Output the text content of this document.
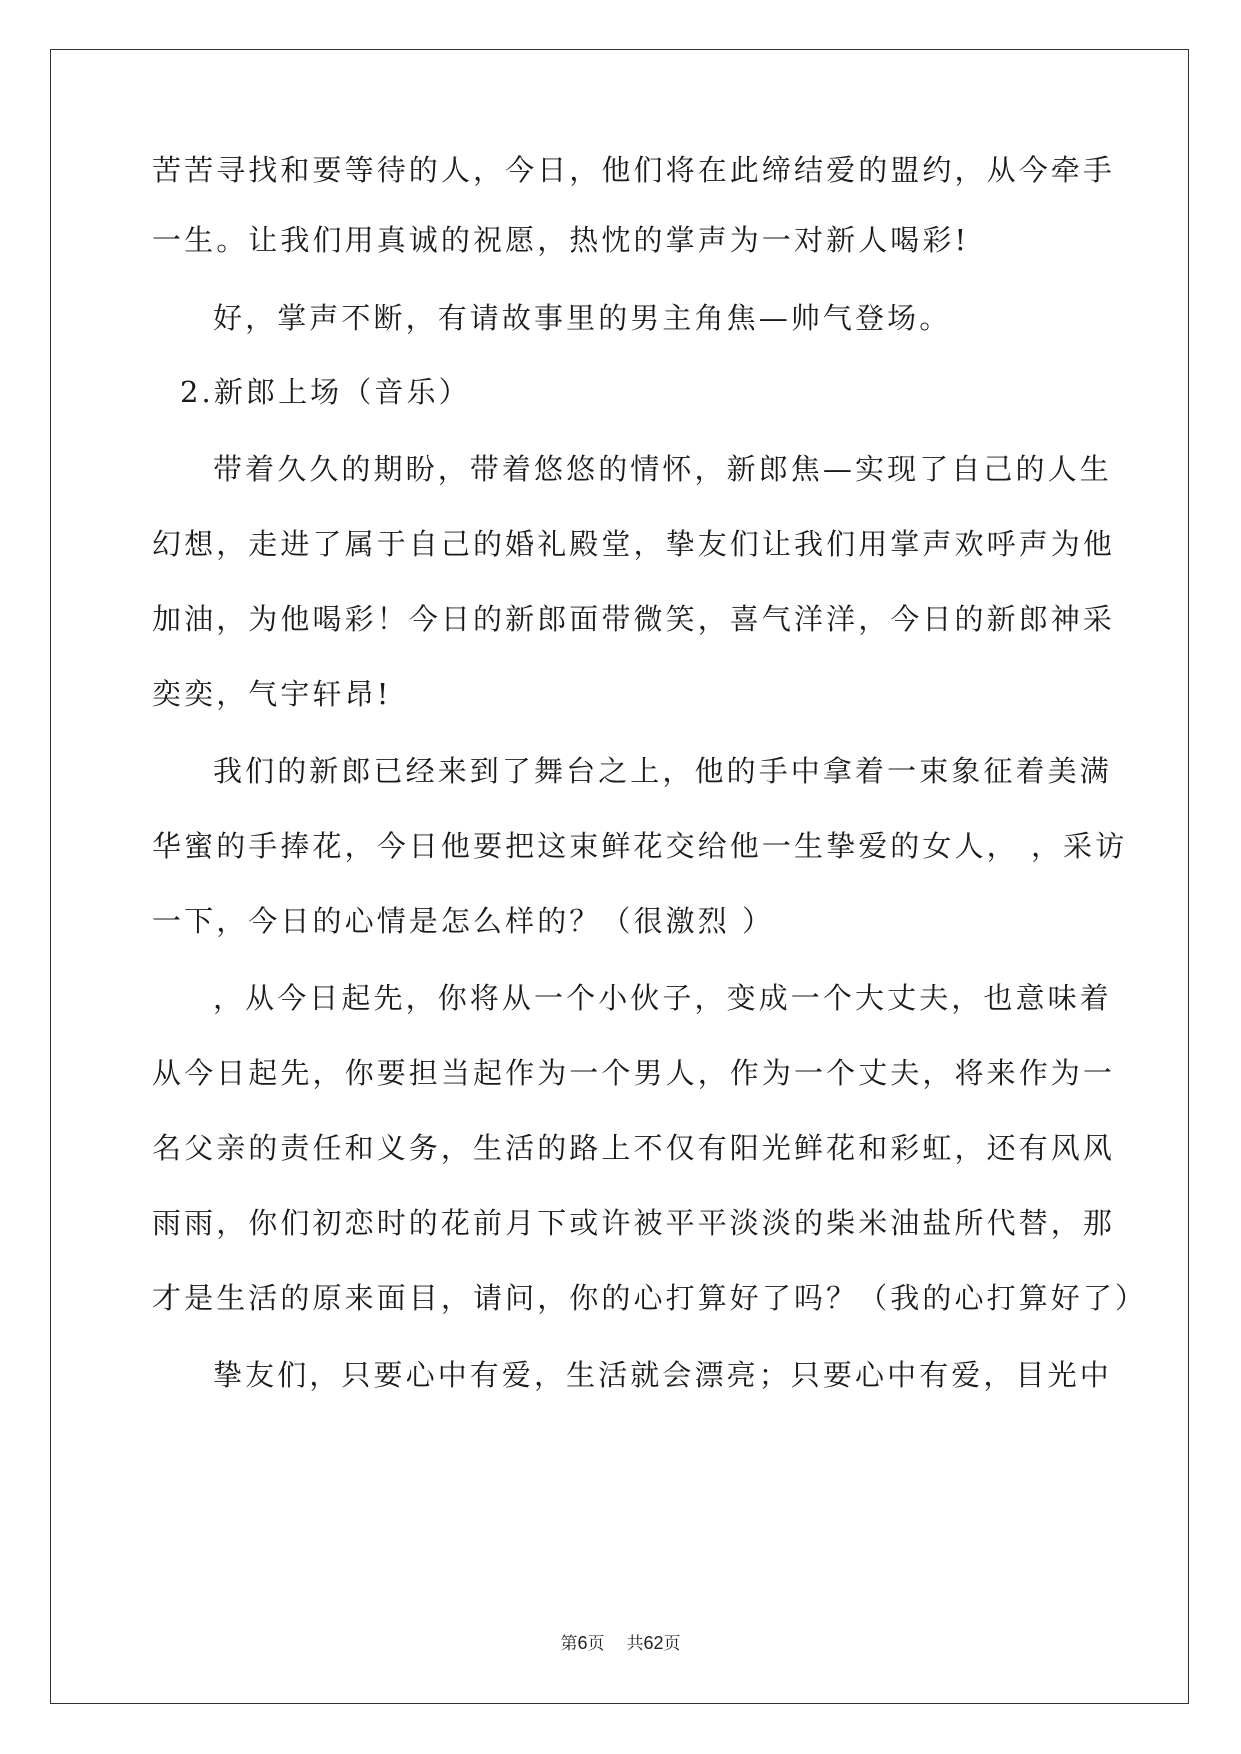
苦苦寻找和要等待的人，今日，他们将在此缔结爱的盟约，从今牵手
一生。让我们用真诚的祝愿，热忱的掌声为一对新人喝彩!
好，掌声不断，有请故事里的男主角焦—帅气登场。
2.新郎上场（音乐）
带着久久的期盼，带着悠悠的情怀，新郎焦—实现了自己的人生
幻想，走进了属于自己的婚礼殿堂，挚友们让我们用掌声欢呼声为他
加油，为他喝彩！今日的新郎面带微笑，喜气洋洋，今日的新郎神采
奕奕，气宇轩昂!
我们的新郎已经来到了舞台之上，他的手中拿着一束象征着美满
华蜜的手捧花，今日他要把这束鲜花交给他一生挚爱的女人， ，采访
一下，今日的心情是怎么样的？（很激烈 ）
，从今日起先，你将从一个小伙子，变成一个大丈夫，也意味着
从今日起先，你要担当起作为一个男人，作为一个丈夫，将来作为一
名父亲的责任和义务，生活的路上不仅有阳光鲜花和彩虹，还有风风
雨雨，你们初恋时的花前月下或许被平平淡淡的柴米油盐所代替，那
才是生活的原来面目，请问，你的心打算好了吗？（我的心打算好了）
挚友们，只要心中有爱，生活就会漂亮；只要心中有爱，目光中
第6页 共62页
